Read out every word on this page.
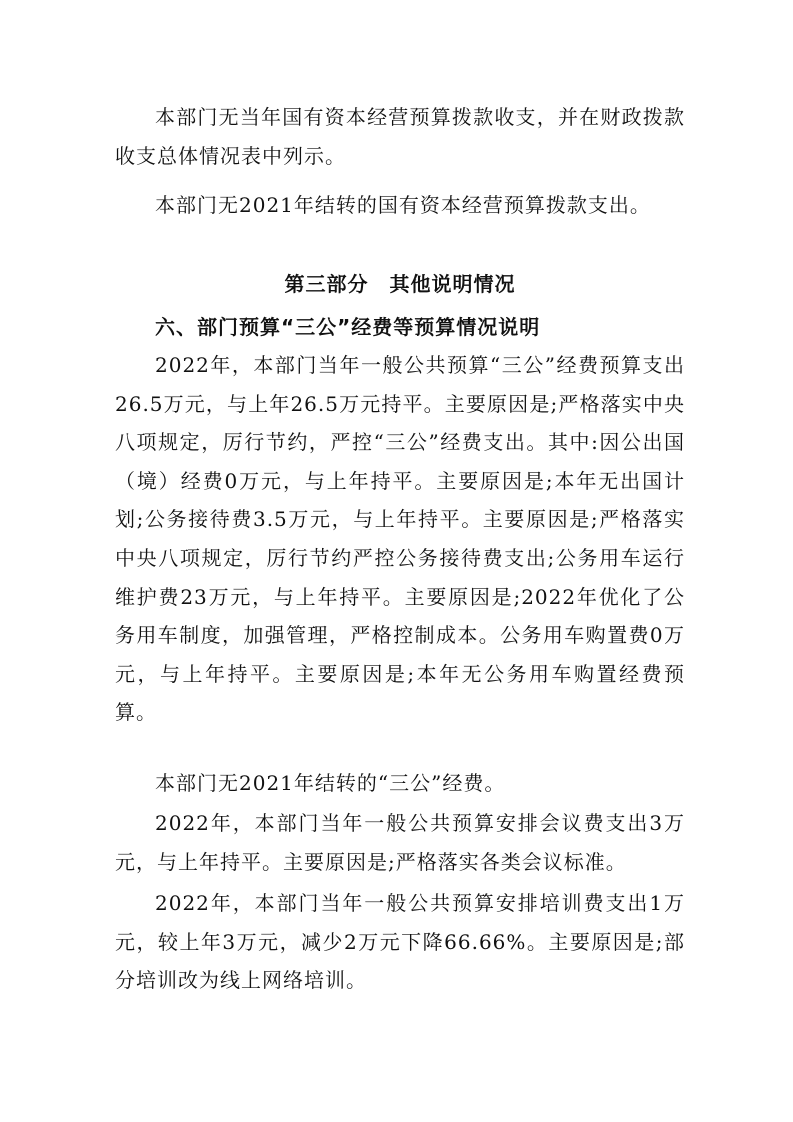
本部门无当年国有资本经营预算拨款收支，并在财政拨款收支总体情况表中列示。

本部门无2021年结转的国有资本经营预算拨款支出。

第三部分　其他说明情况
六、部门预算“三公”经费等预算情况说明

2022年，本部门当年一般公共预算“三公”经费预算支出26.5万元，与上年26.5万元持平。主要原因是;严格落实中央八项规定，厉行节约，严控“三公”经费支出。其中:因公出国（境）经费0万元，与上年持平。主要原因是;本年无出国计划;公务接待费3.5万元，与上年持平。主要原因是;严格落实中央八项规定，厉行节约严控公务接待费支出;公务用车运行维护费23万元，与上年持平。主要原因是;2022年优化了公务用车制度，加强管理，严格控制成本。公务用车购置费0万元，与上年持平。主要原因是;本年无公务用车购置经费预算。

本部门无2021年结转的“三公”经费。

2022年，本部门当年一般公共预算安排会议费支出3万元，与上年持平。主要原因是;严格落实各类会议标准。

2022年，本部门当年一般公共预算安排培训费支出1万元，较上年3万元，减少2万元下降66.66%。主要原因是;部分培训改为线上网络培训。
